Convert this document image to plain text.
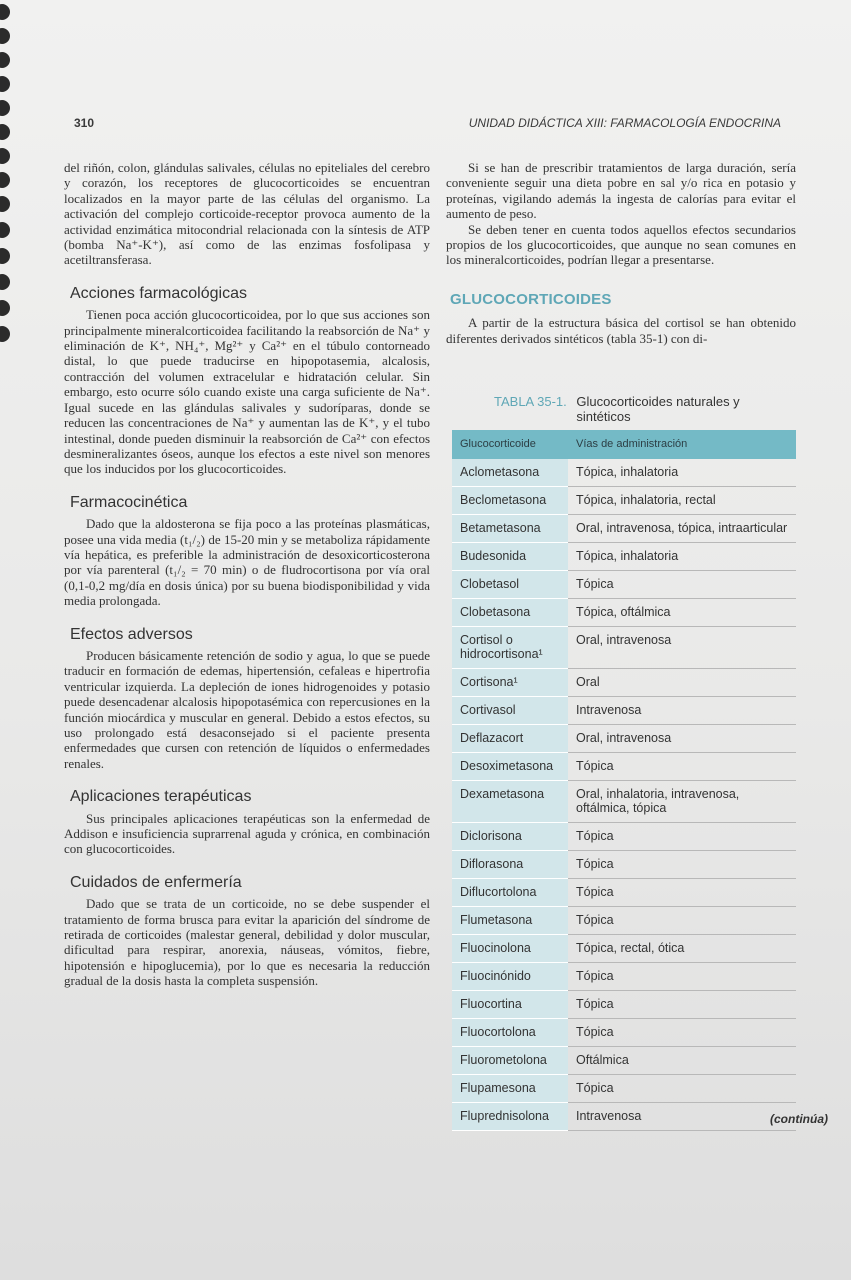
310	UNIDAD DIDÁCTICA XIII: FARMACOLOGÍA ENDOCRINA

del riñón, colon, glándulas salivales, células no epiteliales del cerebro y corazón, los receptores de glucocorticoides se encuentran localizados en la mayor parte de las células del organismo. La activación del complejo corticoide-receptor provoca aumento de la actividad enzimática mitocondrial relacionada con la síntesis de ATP (bomba Na⁺-K⁺), así como de las enzimas fosfolipasa y acetiltransferasa.

Acciones farmacológicas

Tienen poca acción glucocorticoidea, por lo que sus acciones son principalmente mineralcorticoidea facilitando la reabsorción de Na⁺ y eliminación de K⁺, NH₄⁺, Mg²⁺ y Ca²⁺ en el túbulo contorneado distal, lo que puede traducirse en hipopotasemia, alcalosis, contracción del volumen extracelular e hidratación celular. Sin embargo, esto ocurre sólo cuando existe una carga suficiente de Na⁺. Igual sucede en las glándulas salivales y sudoríparas, donde se reducen las concentraciones de Na⁺ y aumentan las de K⁺, y el tubo intestinal, donde pueden disminuir la reabsorción de Ca²⁺ con efectos desmineralizantes óseos, aunque los efectos a este nivel son menores que los inducidos por los glucocorticoides.

Farmacocinética

Dado que la aldosterona se fija poco a las proteínas plasmáticas, posee una vida media (t₁/₂) de 15-20 min y se metaboliza rápidamente vía hepática, es preferible la administración de desoxicorticosterona por vía parenteral (t₁/₂ = 70 min) o de fludrocortisona por vía oral (0,1-0,2 mg/día en dosis única) por su buena biodisponibilidad y vida media prolongada.

Efectos adversos

Producen básicamente retención de sodio y agua, lo que se puede traducir en formación de edemas, hipertensión, cefaleas e hipertrofia ventricular izquierda. La depleción de iones hidrogenoides y potasio puede desencadenar alcalosis hipopotasémica con repercusiones en la función miocárdica y muscular en general. Debido a estos efectos, su uso prolongado está desaconsejado si el paciente presenta enfermedades que cursen con retención de líquidos o enfermedades renales.

Aplicaciones terapéuticas

Sus principales aplicaciones terapéuticas son la enfermedad de Addison e insuficiencia suprarrenal aguda y crónica, en combinación con glucocorticoides.

Cuidados de enfermería

Dado que se trata de un corticoide, no se debe suspender el tratamiento de forma brusca para evitar la aparición del síndrome de retirada de corticoides (malestar general, debilidad y dolor muscular, dificultad para respirar, anorexia, náuseas, vómitos, fiebre, hipotensión e hipoglucemia), por lo que es necesaria la reducción gradual de la dosis hasta la completa suspensión.

Si se han de prescribir tratamientos de larga duración, sería conveniente seguir una dieta pobre en sal y/o rica en potasio y proteínas, vigilando además la ingesta de calorías para evitar el aumento de peso.

Se deben tener en cuenta todos aquellos efectos secundarios propios de los glucocorticoides, que aunque no sean comunes en los mineralcorticoides, podrían llegar a presentarse.

GLUCOCORTICOIDES

A partir de la estructura básica del cortisol se han obtenido diferentes derivados sintéticos (tabla 35-1) con di-

TABLA 35-1. Glucocorticoides naturales y sintéticos
Glucocorticoide	Vías de administración
Aclometasona	Tópica, inhalatoria
Beclometasona	Tópica, inhalatoria, rectal
Betametasona	Oral, intravenosa, tópica, intraarticular
Budesonida	Tópica, inhalatoria
Clobetasol	Tópica
Clobetasona	Tópica, oftálmica
Cortisol o hidrocortisona¹	Oral, intravenosa
Cortisona¹	Oral
Cortivasol	Intravenosa
Deflazacort	Oral, intravenosa
Desoximetasona	Tópica
Dexametasona	Oral, inhalatoria, intravenosa, oftálmica, tópica
Diclorisona	Tópica
Diflorasona	Tópica
Diflucortolona	Tópica
Flumetasona	Tópica
Fluocinolona	Tópica, rectal, ótica
Fluocinónido	Tópica
Fluocortina	Tópica
Fluocortolona	Tópica
Fluorometolona	Oftálmica
Flupamesona	Tópica
Fluprednisolona	Intravenosa	(continúa)
